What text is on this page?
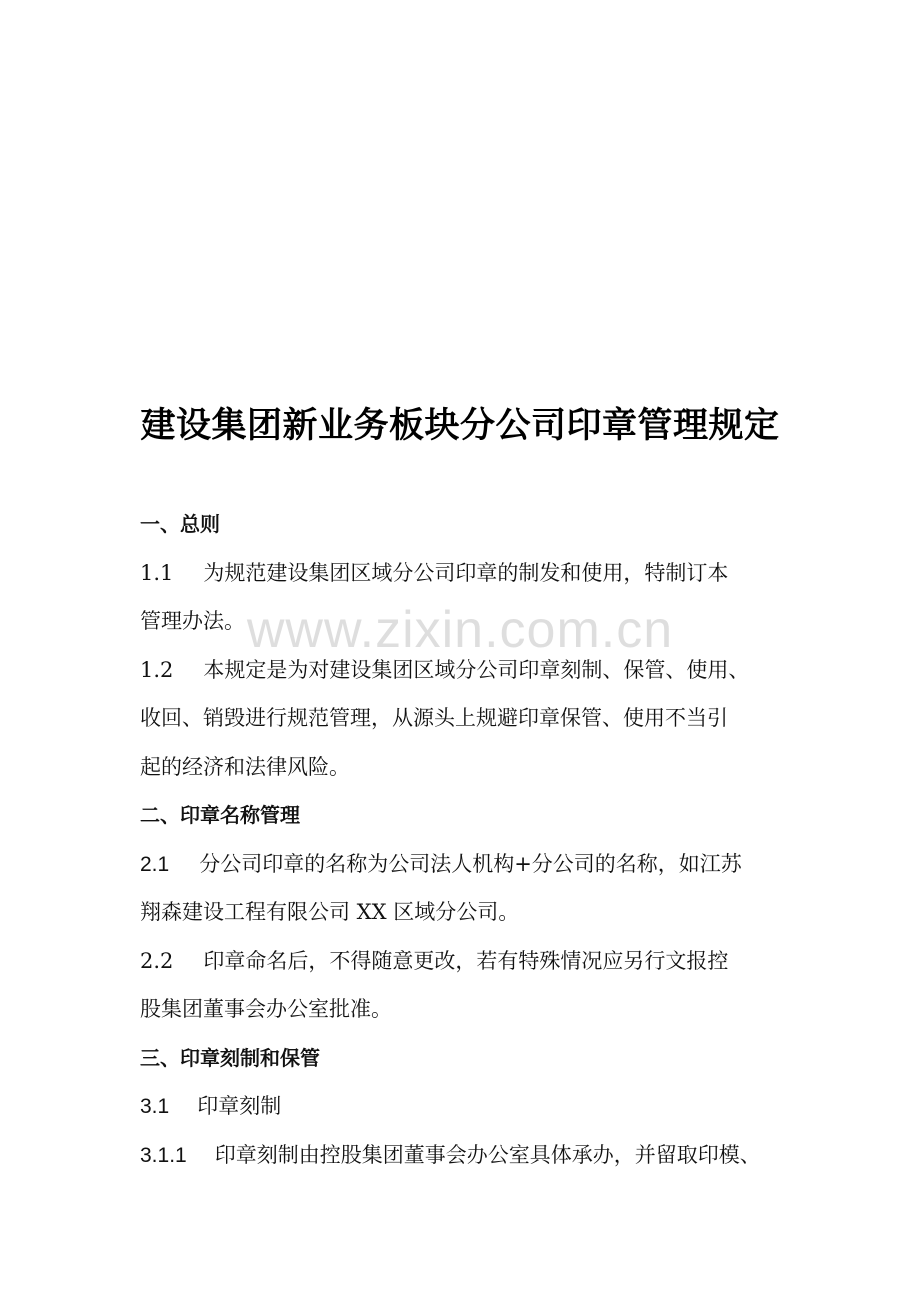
www.zixin.com.cn
建设集团新业务板块分公司印章管理规定
一、总则
1.1 为规范建设集团区域分公司印章的制发和使用，特制订本
管理办法。
1.2 本规定是为对建设集团区域分公司印章刻制、保管、使用、
收回、销毁进行规范管理，从源头上规避印章保管、使用不当引
起的经济和法律风险。
二、印章名称管理
2.1 分公司印章的名称为公司法人机构+分公司的名称，如江苏
翔森建设工程有限公司 XX 区域分公司。
2.2 印章命名后，不得随意更改，若有特殊情况应另行文报控
股集团董事会办公室批准。
三、印章刻制和保管
3.1 印章刻制
3.1.1 印章刻制由控股集团董事会办公室具体承办，并留取印模、
